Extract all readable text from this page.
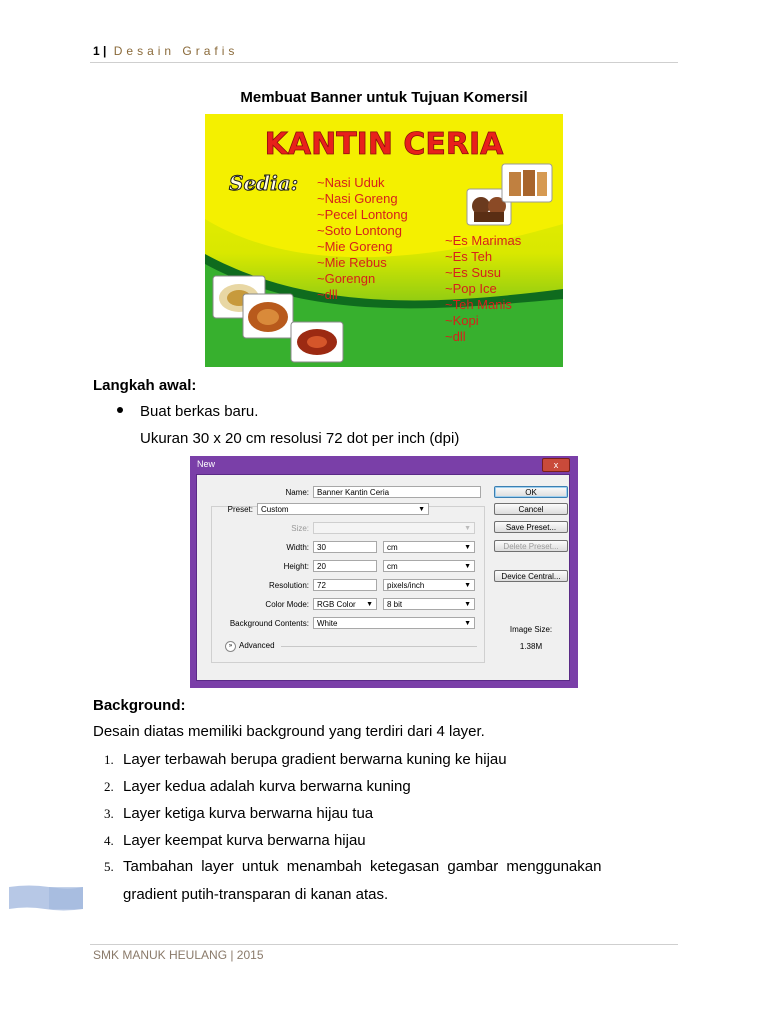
1 | Desain Grafis
Membuat Banner untuk Tujuan Komersil
KANTIN CERIA
Sedia: ~Nasi Uduk
~Nasi Goreng
~Pecel Lontong
~Soto Lontong
~Mie Goreng
~Mie Rebus
~Gorengn
~dll
~Es Marimas
~Es Teh
~Es Susu
~Pop Ice
~Teh Manis
~Kopi
~dll
Langkah awal:
Buat berkas baru.
Ukuran 30 x 20 cm resolusi 72 dot per inch (dpi)
New	x
Name:	Banner Kantin Ceria
Preset:	Custom	▼
Size:	▼
Width:	30	cm	▼
Height:	20	cm	▼
Resolution:	72	pixels/inch	▼
Color Mode:	RGB Color ▼	8 bit	▼
Background Contents:	White	▼
» Advanced
OK
Cancel
Save Preset...
Delete Preset...
Device Central...
Image Size:
1.38M
Background:
Desain diatas memiliki background yang terdiri dari 4 layer.
1. Layer terbawah berupa gradient berwarna kuning ke hijau
2. Layer kedua adalah kurva berwarna kuning
3. Layer ketiga kurva berwarna hijau tua
4. Layer keempat kurva berwarna hijau
5. Tambahan layer untuk menambah ketegasan gambar menggunakan
gradient putih-transparan di kanan atas.
SMK MANUK HEULANG | 2015
